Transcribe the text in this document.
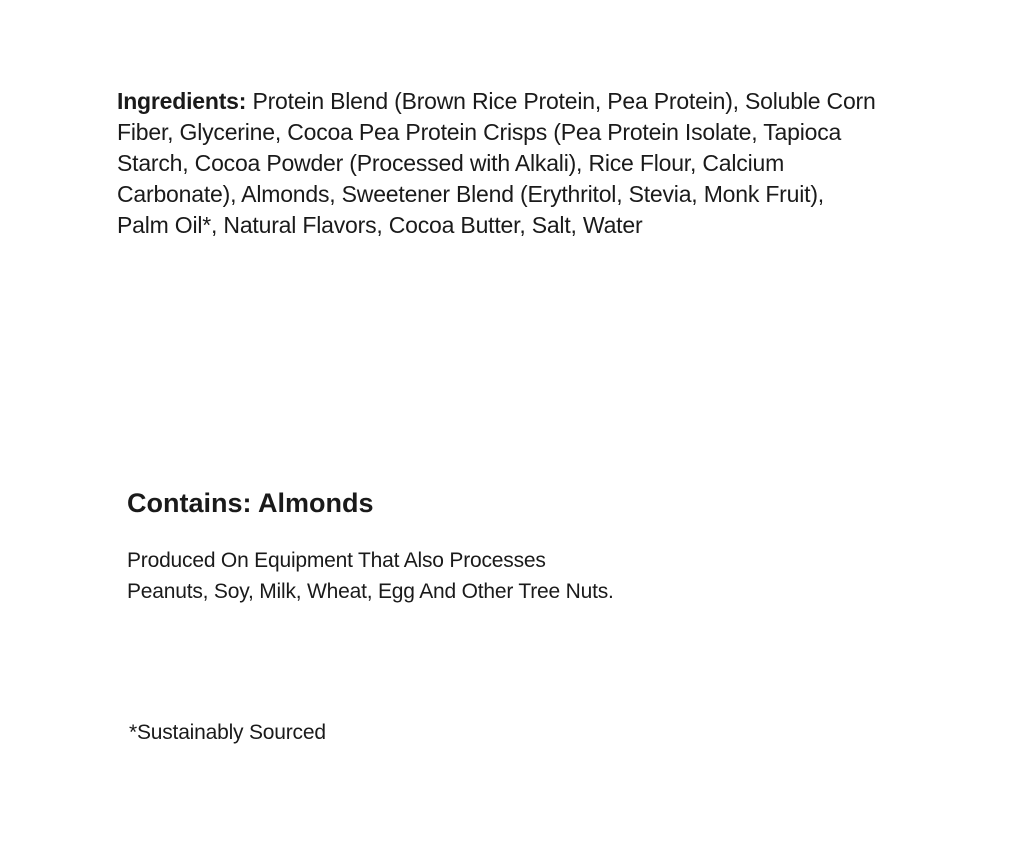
Ingredients: Protein Blend (Brown Rice Protein, Pea Protein), Soluble Corn Fiber, Glycerine, Cocoa Pea Protein Crisps (Pea Protein Isolate, Tapioca Starch, Cocoa Powder (Processed with Alkali), Rice Flour, Calcium Carbonate), Almonds, Sweetener Blend (Erythritol, Stevia, Monk Fruit), Palm Oil*, Natural Flavors, Cocoa Butter, Salt, Water

Contains: Almonds

Produced On Equipment That Also Processes
Peanuts, Soy, Milk, Wheat, Egg And Other Tree Nuts.

*Sustainably Sourced
